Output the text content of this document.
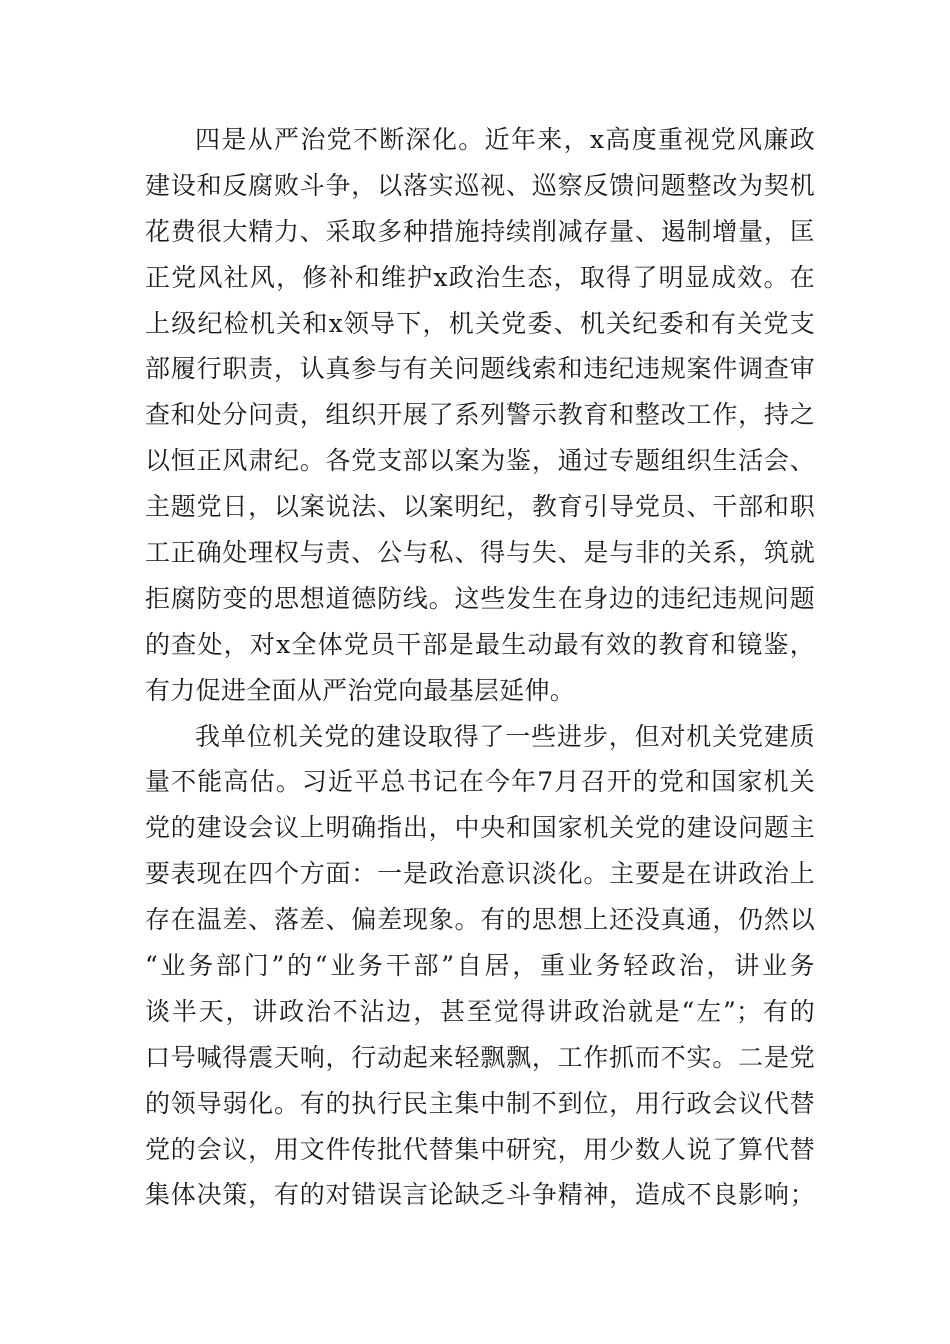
四是从严治党不断深化。近年来，x高度重视党风廉政
建设和反腐败斗争，以落实巡视、巡察反馈问题整改为契机
花费很大精力、采取多种措施持续削减存量、遏制增量，匡
正党风社风，修补和维护x政治生态，取得了明显成效。在
上级纪检机关和x领导下，机关党委、机关纪委和有关党支
部履行职责，认真参与有关问题线索和违纪违规案件调查审
查和处分问责，组织开展了系列警示教育和整改工作，持之
以恒正风肃纪。各党支部以案为鉴，通过专题组织生活会、
主题党日，以案说法、以案明纪，教育引导党员、干部和职
工正确处理权与责、公与私、得与失、是与非的关系，筑就
拒腐防变的思想道德防线。这些发生在身边的违纪违规问题
的查处，对x全体党员干部是最生动最有效的教育和镜鉴，
有力促进全面从严治党向最基层延伸。
我单位机关党的建设取得了一些进步，但对机关党建质
量不能高估。习近平总书记在今年7月召开的党和国家机关
党的建设会议上明确指出，中央和国家机关党的建设问题主
要表现在四个方面：一是政治意识淡化。主要是在讲政治上
存在温差、落差、偏差现象。有的思想上还没真通，仍然以
“业务部门”的“业务干部”自居，重业务轻政治，讲业务
谈半天，讲政治不沾边，甚至觉得讲政治就是“左”；有的
口号喊得震天响，行动起来轻飘飘，工作抓而不实。二是党
的领导弱化。有的执行民主集中制不到位，用行政会议代替
党的会议，用文件传批代替集中研究，用少数人说了算代替
集体决策，有的对错误言论缺乏斗争精神，造成不良影响；
